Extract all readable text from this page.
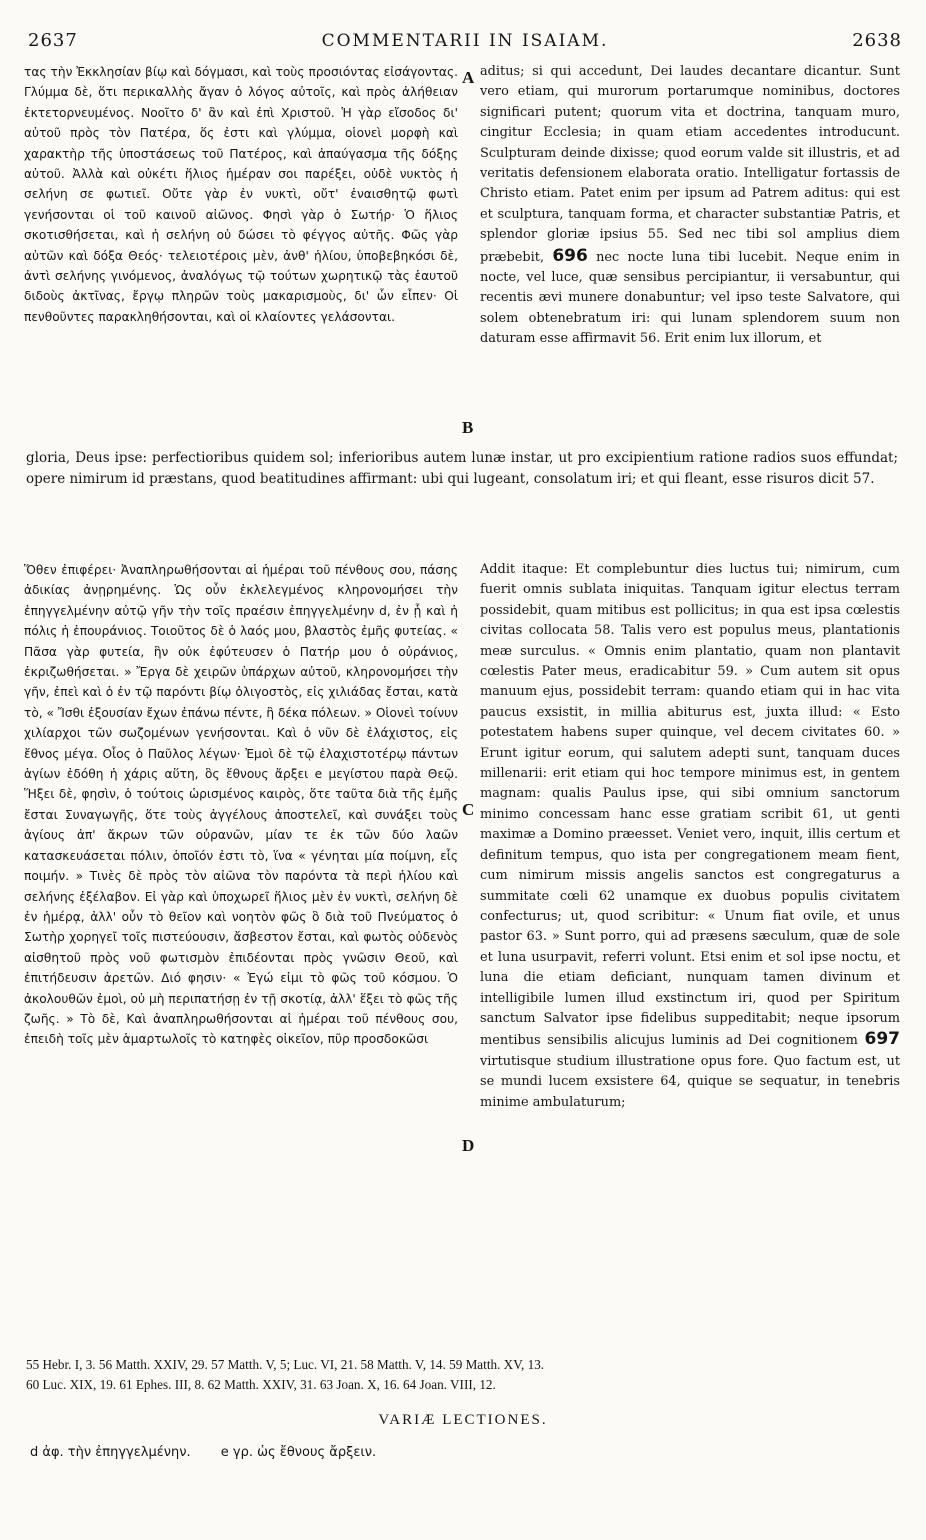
2637	COMMENTARII IN ISAIAM.	2638

τας τὴν Ἐκκλησίαν βίῳ καὶ δόγμασι, καὶ τοὺς προσιόντας εἰσάγοντας. Γλύμμα δὲ, ὅτι περικαλλὴς ἄγαν ὁ λόγος αὐτοῖς, καὶ πρὸς ἀλήθειαν ἐκτετορνευμένος. Νοοῖτο δ' ἂν καὶ ἐπὶ Χριστοῦ. Ἡ γὰρ εἴσοδος δι' αὐτοῦ πρὸς τὸν Πατέρα, ὅς ἐστι καὶ γλύμμα, οἱονεὶ μορφὴ καὶ χαρακτὴρ τῆς ὑποστάσεως τοῦ Πατέρος, καὶ ἀπαύγασμα τῆς δόξης αὐτοῦ. Ἀλλὰ καὶ οὐκέτι ἥλιος ἡμέραν σοι παρέξει, οὐδὲ νυκτὸς ἡ σελήνη σε φωτιεῖ. Οὔτε γὰρ ἐν νυκτὶ, οὔτ' ἐναισθητῷ φωτὶ γενήσονται οἱ τοῦ καινοῦ αἰῶνος. Φησὶ γὰρ ὁ Σωτήρ· Ὁ ἥλιος σκοτισθήσεται, καὶ ἡ σελήνη οὐ δώσει τὸ φέγγος αὐτῆς. Φῶς γὰρ αὐτῶν καὶ δόξα Θεός· τελειοτέροις μὲν, ἀνθ' ἡλίου, ὑποβεβηκόσι δὲ, ἀντὶ σελήνης γινόμενος, ἀναλόγως τῷ τούτων χωρητικῷ τὰς ἑαυτοῦ διδοὺς ἀκτῖνας, ἔργῳ πληρῶν τοὺς μακαρισμοὺς, δι' ὧν εἶπεν· Οἱ πενθοῦντες παρακληθήσονται, καὶ οἱ κλαίοντες γελάσονται.

A
B

aditus; si qui accedunt, Dei laudes decantare dicantur. Sunt vero etiam, qui murorum portarumque nominibus, doctores significari putent; quorum vita et doctrina, tanquam muro, cingitur Ecclesia; in quam etiam accedentes introducunt. Sculpturam deinde dixisse; quod eorum valde sit illustris, et ad veritatis defensionem elaborata oratio. Intelligatur fortassis de Christo etiam. Patet enim per ipsum ad Patrem aditus: qui est et sculptura, tanquam forma, et character substantiæ Patris, et splendor gloriæ ipsius 55. Sed nec tibi sol amplius diem præbebit, 696 nec nocte luna tibi lucebit. Neque enim in nocte, vel luce, quæ sensibus percipiantur, ii versabuntur, qui recentis ævi munere donabuntur; vel ipso teste Salvatore, qui solem obtenebratum iri: qui lunam splendorem suum non daturam esse affirmavit 56. Erit enim lux illorum, et

gloria, Deus ipse: perfectioribus quidem sol; inferioribus autem lunæ instar, ut pro excipientium ratione radios suos effundat; opere nimirum id præstans, quod beatitudines affirmant: ubi qui lugeant, consolatum iri; et qui fleant, esse risuros dicit 57.

Ὅθεν ἐπιφέρει· Ἀναπληρωθήσονται αἱ ἡμέραι τοῦ πένθους σου, πάσης ἀδικίας ἀνῃρημένης. Ὡς οὖν ἐκλελεγμένος κληρονομήσει τὴν ἐπηγγελμένην αὐτῷ γῆν τὴν τοῖς πραέσιν ἐπηγγελμένην d, ἐν ᾗ καὶ ἡ πόλις ἡ ἐπουράνιος. Τοιοῦτος δὲ ὁ λαός μου, βλαστὸς ἐμῆς φυτείας. « Πᾶσα γὰρ φυτεία, ἣν οὐκ ἐφύτευσεν ὁ Πατήρ μου ὁ οὐράνιος, ἐκριζωθήσεται. » Ἔργα δὲ χειρῶν ὑπάρχων αὐτοῦ, κληρονομήσει τὴν γῆν, ἐπεὶ καὶ ὁ ἐν τῷ παρόντι βίῳ ὀλιγοστὸς, εἰς χιλιάδας ἔσται, κατὰ τὸ, « Ἴσθι ἐξουσίαν ἔχων ἐπάνω πέντε, ἢ δέκα πόλεων. » Οἱονεὶ τοίνυν χιλίαρχοι τῶν σωζομένων γενήσονται. Καὶ ὁ νῦν δὲ ἐλάχιστος, εἰς ἔθνος μέγα. Οἷος ὁ Παῦλος λέγων· Ἐμοὶ δὲ τῷ ἐλαχιστοτέρῳ πάντων ἁγίων ἐδόθη ἡ χάρις αὕτη, ὃς ἔθνους ἄρξει e μεγίστου παρὰ Θεῷ. Ἥξει δὲ, φησὶν, ὁ τούτοις ὡρισμένος καιρὸς, ὅτε ταῦτα διὰ τῆς ἐμῆς ἔσται Συναγωγῆς, ὅτε τοὺς ἀγγέλους ἀποστελεῖ, καὶ συνάξει τοὺς ἁγίους ἀπ' ἄκρων τῶν οὐρανῶν, μίαν τε ἐκ τῶν δύο λαῶν κατασκευάσεται πόλιν, ὁποῖόν ἐστι τὸ, ἵνα « γένηται μία ποίμνη, εἷς ποιμήν. » Τινὲς δὲ πρὸς τὸν αἰῶνα τὸν παρόντα τὰ περὶ ἡλίου καὶ σελήνης ἐξέλαβον. Εἰ γὰρ καὶ ὑποχωρεῖ ἥλιος μὲν ἐν νυκτὶ, σελήνη δὲ ἐν ἡμέρᾳ, ἀλλ' οὖν τὸ θεῖον καὶ νοητὸν φῶς ὃ διὰ τοῦ Πνεύματος ὁ Σωτὴρ χορηγεῖ τοῖς πιστεύουσιν, ἄσβεστον ἔσται, καὶ φωτὸς οὐδενὸς αἰσθητοῦ πρὸς νοῦ φωτισμὸν ἐπιδέονται πρὸς γνῶσιν Θεοῦ, καὶ ἐπιτήδευσιν ἀρετῶν. Διό φησιν· « Ἐγώ εἰμι τὸ φῶς τοῦ κόσμου. Ὁ ἀκολουθῶν ἐμοὶ, οὐ μὴ περιπατήσῃ ἐν τῇ σκοτίᾳ, ἀλλ' ἕξει τὸ φῶς τῆς ζωῆς. » Τὸ δὲ, Καὶ ἀναπληρωθήσονται αἱ ἡμέραι τοῦ πένθους σου, ἐπειδὴ τοῖς μὲν ἁμαρτωλοῖς τὸ κατηφὲς οἰκεῖον, πῦρ προσδοκῶσι

C
D

Addit itaque: Et complebuntur dies luctus tui; nimirum, cum fuerit omnis sublata iniquitas. Tanquam igitur electus terram possidebit, quam mitibus est pollicitus; in qua est ipsa cœlestis civitas collocata 58. Talis vero est populus meus, plantationis meæ surculus. « Omnis enim plantatio, quam non plantavit cœlestis Pater meus, eradicabitur 59. » Cum autem sit opus manuum ejus, possidebit terram: quando etiam qui in hac vita paucus exsistit, in millia abiturus est, juxta illud: « Esto potestatem habens super quinque, vel decem civitates 60. » Erunt igitur eorum, qui salutem adepti sunt, tanquam duces millenarii: erit etiam qui hoc tempore minimus est, in gentem magnam: qualis Paulus ipse, qui sibi omnium sanctorum minimo concessam hanc esse gratiam scribit 61, ut genti maximæ a Domino præesset. Veniet vero, inquit, illis certum et definitum tempus, quo ista per congregationem meam fient, cum nimirum missis angelis sanctos est congregaturus a summitate cœli 62 unamque ex duobus populis civitatem confecturus; ut, quod scribitur: « Unum fiat ovile, et unus pastor 63. » Sunt porro, qui ad præsens sæculum, quæ de sole et luna usurpavit, referri volunt. Etsi enim et sol ipse noctu, et luna die etiam deficiant, nunquam tamen divinum et intelligibile lumen illud exstinctum iri, quod per Spiritum sanctum Salvator ipse fidelibus suppeditabit; neque ipsorum mentibus sensibilis alicujus luminis ad Dei cognitionem 697 virtutisque studium illustratione opus fore. Quo factum est, ut se mundi lucem exsistere 64, quique se sequatur, in tenebris minime ambulaturum;

55 Hebr. I, 3. 56 Matth. XXIV, 29. 57 Matth. V, 5; Luc. VI, 21. 58 Matth. V, 14. 59 Matth. XV, 13.
60 Luc. XIX, 19. 61 Ephes. III, 8. 62 Matth. XXIV, 31. 63 Joan. X, 16. 64 Joan. VIII, 12.
VARIÆ LECTIONES.
d ἀφ. τὴν ἐπηγγελμένην. e γρ. ὡς ἔθνους ἄρξειν.
